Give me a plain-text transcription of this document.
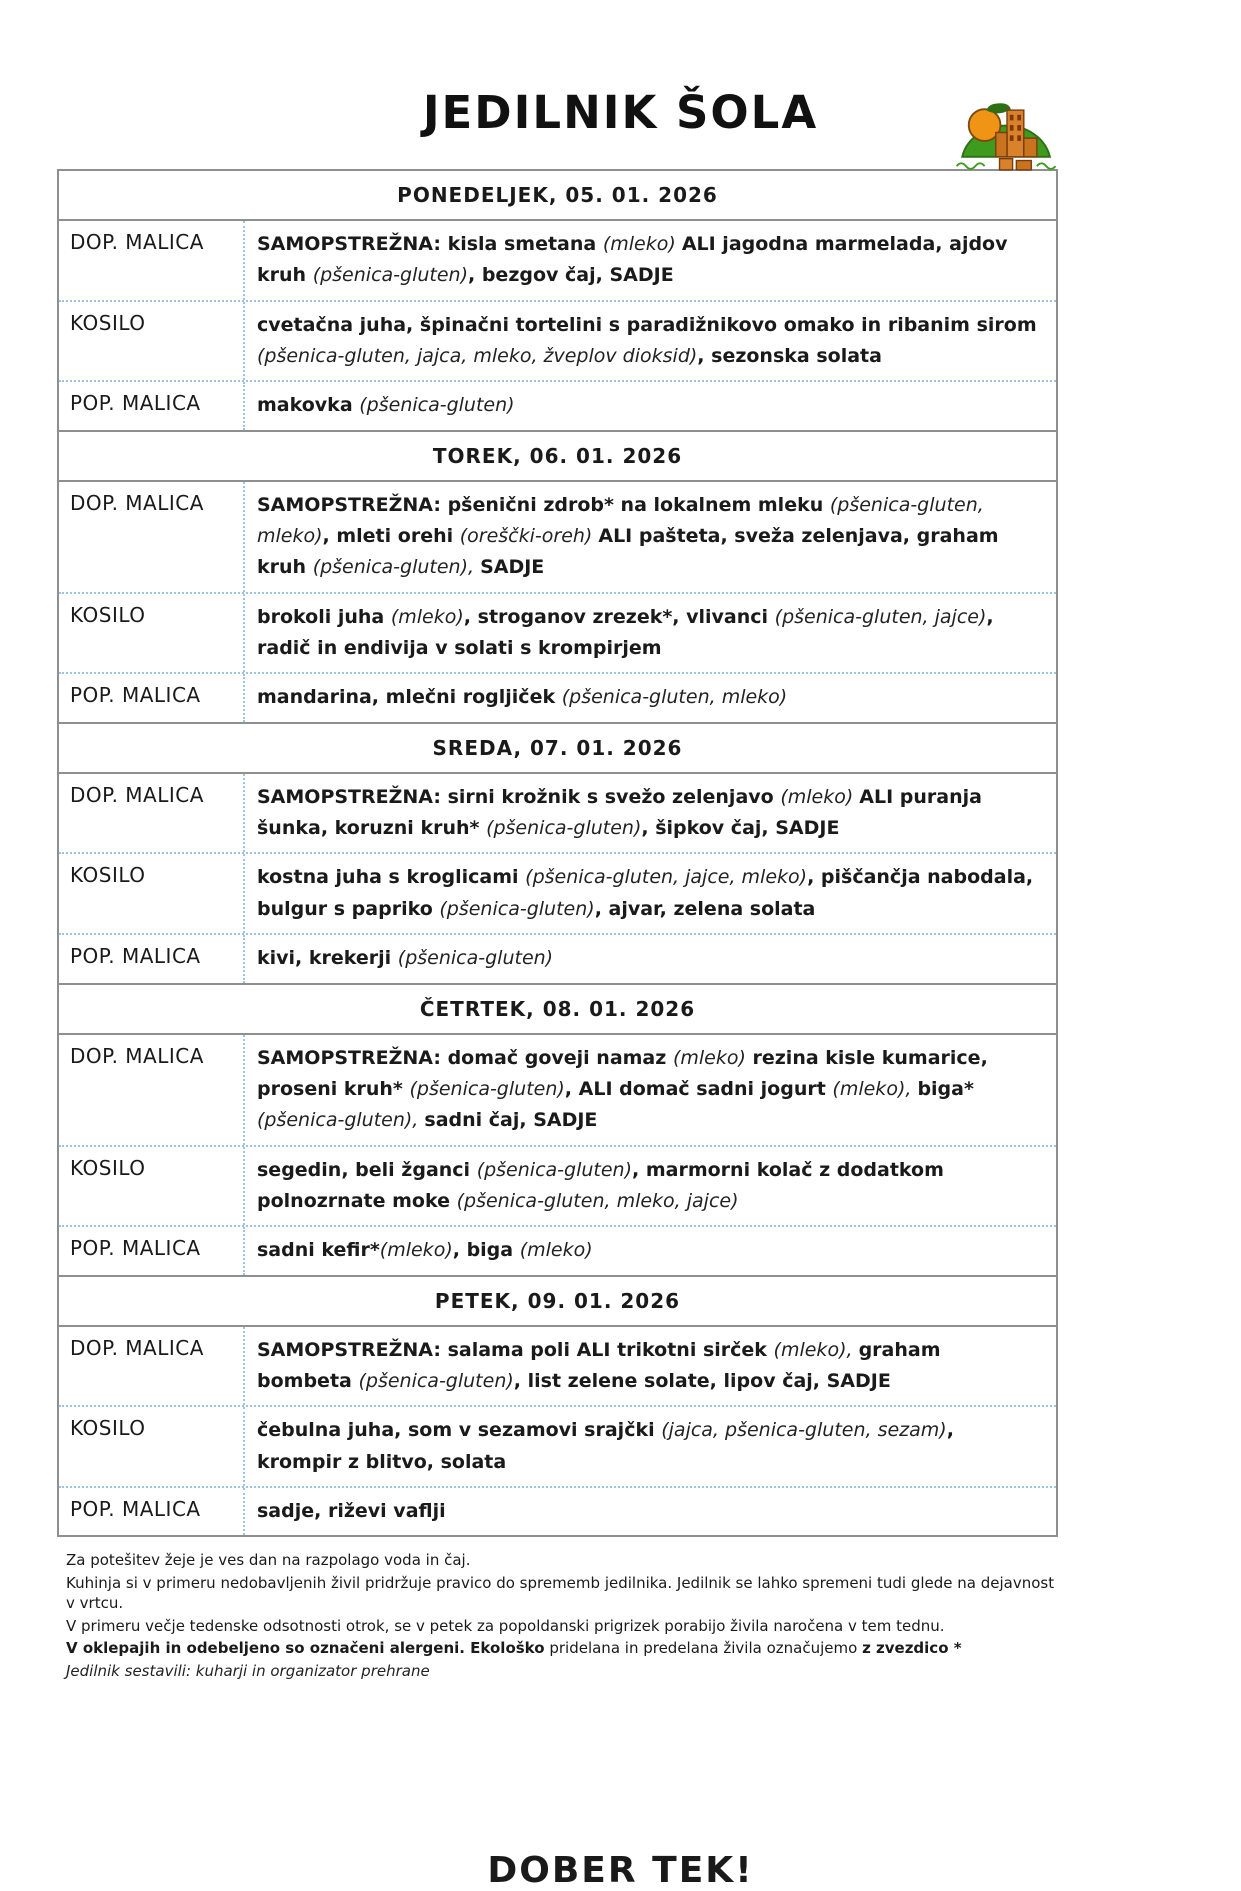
JEDILNIK ŠOLA
PONEDELJEK, 05. 01. 2026
DOP. MALICA	SAMOPSTREŽNA: kisla smetana (mleko) ALI jagodna marmelada, ajdov kruh (pšenica-gluten), bezgov čaj, SADJE
KOSILO	cvetačna juha, špinačni tortelini s paradižnikovo omako in ribanim sirom (pšenica-gluten, jajca, mleko, žveplov dioksid), sezonska solata
POP. MALICA	makovka (pšenica-gluten)
TOREK, 06. 01. 2026
DOP. MALICA	SAMOPSTREŽNA: pšenični zdrob* na lokalnem mleku (pšenica-gluten, mleko), mleti orehi (oreščki-oreh) ALI pašteta, sveža zelenjava, graham kruh (pšenica-gluten), SADJE
KOSILO	brokoli juha (mleko), stroganov zrezek*, vlivanci (pšenica-gluten, jajce), radič in endivija v solati s krompirjem
POP. MALICA	mandarina, mlečni rogljiček (pšenica-gluten, mleko)
SREDA, 07. 01. 2026
DOP. MALICA	SAMOPSTREŽNA: sirni krožnik s svežo zelenjavo (mleko) ALI puranja šunka, koruzni kruh* (pšenica-gluten), šipkov čaj, SADJE
KOSILO	kostna juha s kroglicami (pšenica-gluten, jajce, mleko), piščančja nabodala, bulgur s papriko (pšenica-gluten), ajvar, zelena solata
POP. MALICA	kivi, krekerji (pšenica-gluten)
ČETRTEK, 08. 01. 2026
DOP. MALICA	SAMOPSTREŽNA: domač goveji namaz (mleko) rezina kisle kumarice, proseni kruh* (pšenica-gluten), ALI domač sadni jogurt (mleko), biga*(pšenica-gluten), sadni čaj, SADJE
KOSILO	segedin, beli žganci (pšenica-gluten), marmorni kolač z dodatkom polnozrnate moke (pšenica-gluten, mleko, jajce)
POP. MALICA	sadni kefir*(mleko), biga (mleko)
PETEK, 09. 01. 2026
DOP. MALICA	SAMOPSTREŽNA: salama poli ALI trikotni sirček (mleko), graham bombeta (pšenica-gluten), list zelene solate, lipov čaj, SADJE
KOSILO	čebulna juha, som v sezamovi srajčki (jajca, pšenica-gluten, sezam), krompir z blitvo, solata
POP. MALICA	sadje, riževi vaflji
Za potešitev žeje je ves dan na razpolago voda in čaj.
Kuhinja si v primeru nedobavljenih živil pridržuje pravico do sprememb jedilnika. Jedilnik se lahko spremeni tudi glede na dejavnost v vrtcu.
V primeru večje tedenske odsotnosti otrok, se v petek za popoldanski prigrizek porabijo živila naročena v tem tednu.
V oklepajih in odebeljeno so označeni alergeni. Ekološko pridelana in predelana živila označujemo z zvezdico *
Jedilnik sestavili: kuharji in organizator prehrane
DOBER TEK!
